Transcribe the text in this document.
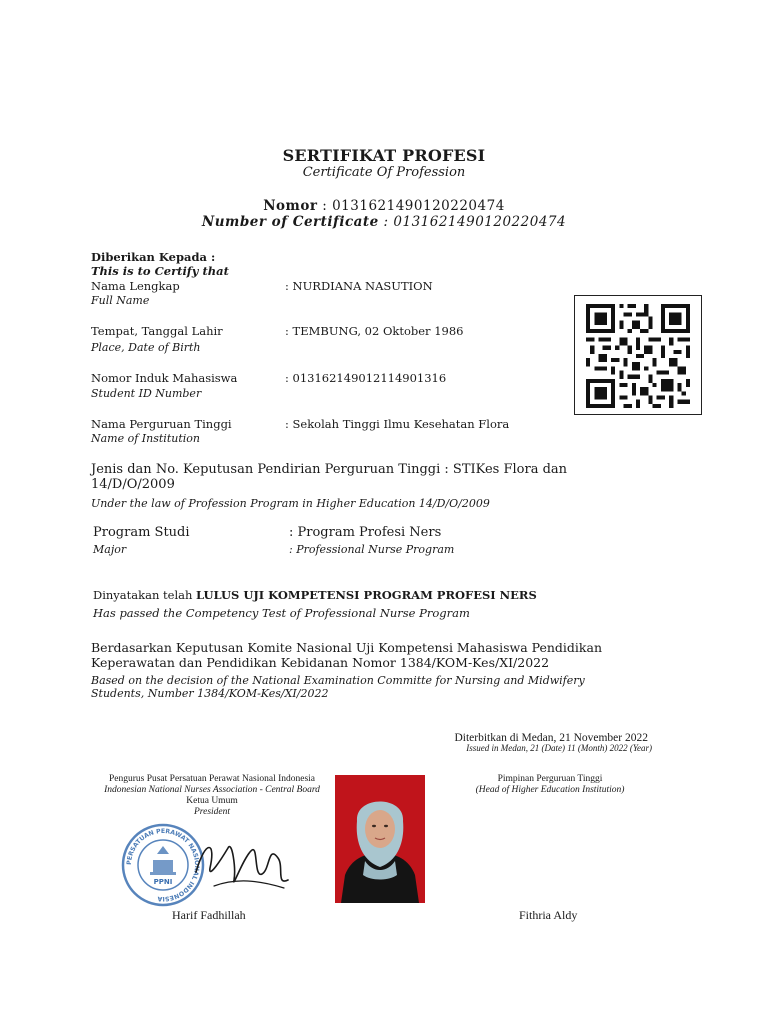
SERTIFIKAT PROFESI
Certificate Of Profession
Nomor : 0131621490120220474
Number of Certificate : 0131621490120220474
Diberikan Kepada :
This is to Certify that
Nama Lengkap	: NURDIANA NASUTION
Full Name
Tempat, Tanggal Lahir	: TEMBUNG, 02 Oktober 1986
Place, Date of Birth
Nomor Induk Mahasiswa	: 013162149012114901316
Student ID Number
Nama Perguruan Tinggi	: Sekolah Tinggi Ilmu Kesehatan Flora
Name of Institution
Jenis dan No. Keputusan Pendirian Perguruan Tinggi : STIKes Flora dan
14/D/O/2009
Under the law of Profession Program in Higher Education 14/D/O/2009
Program Studi	: Program Profesi Ners
Major	: Professional Nurse Program
Dinyatakan telah LULUS UJI KOMPETENSI PROGRAM PROFESI NERS
Has passed the Competency Test of Professional Nurse Program
Berdasarkan Keputusan Komite Nasional Uji Kompetensi Mahasiswa Pendidikan
Keperawatan dan Pendidikan Kebidanan Nomor 1384/KOM-Kes/XI/2022
Based on the decision of the National Examination Committe for Nursing and Midwifery
Students, Number 1384/KOM-Kes/XI/2022
Diterbitkan di Medan, 21 November 2022
Issued in Medan, 21 (Date) 11 (Month) 2022 (Year)
Pengurus Pusat Persatuan Perawat Nasional Indonesia
Indonesian National Nurses Association - Central Board
Ketua Umum
President
PERSATUAN PERAWAT NASIONAL INDONESIA
PPNI
Harif Fadhillah
Pimpinan Perguruan Tinggi
(Head of Higher Education Institution)
Fithria Aldy
